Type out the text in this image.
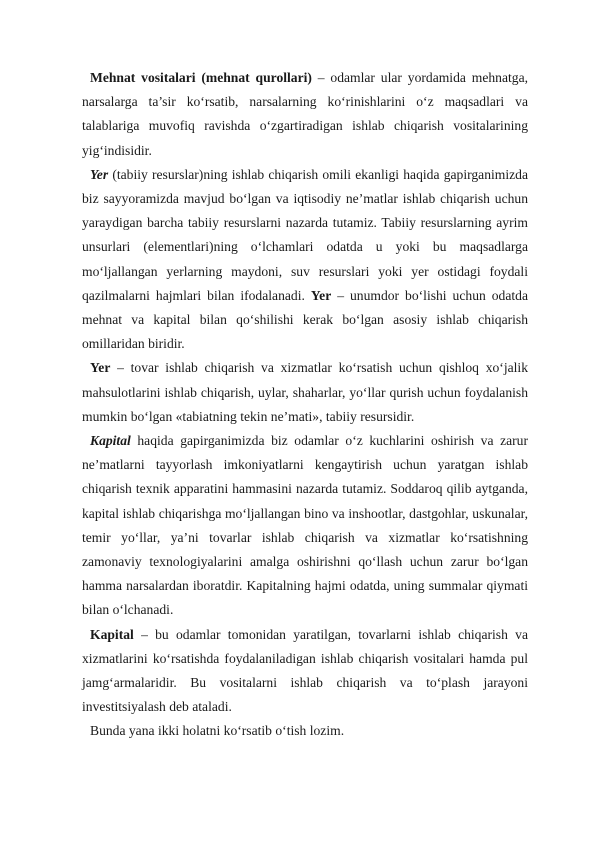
Mehnat vositalari (mehnat qurollari) – odamlar ular yordamida mehnatga, narsalarga ta’sir ko‘rsatib, narsalarning ko‘rinishlarini o‘z maqsadlari va talablariga muvofiq ravishda o‘zgartiradigan ishlab chiqarish vositalarining yig‘indisidir.

Yer (tabiiy resurslar)ning ishlab chiqarish omili ekanligi haqida gapirganimizda biz sayyoramizda mavjud bo‘lgan va iqtisodiy ne’matlar ishlab chiqarish uchun yaraydigan barcha tabiiy resurslarni nazarda tutamiz. Tabiiy resurslarning ayrim unsurlari (elementlari)ning o‘lchamlari odatda u yoki bu maqsadlarga mo‘ljallangan yerlarning maydoni, suv resurslari yoki yer ostidagi foydali qazilmalarni hajmlari bilan ifodalanadi. Yer – unumdor bo‘lishi uchun odatda mehnat va kapital bilan qo‘shilishi kerak bo‘lgan asosiy ishlab chiqarish omillaridan biridir.

Yer – tovar ishlab chiqarish va xizmatlar ko‘rsatish uchun qishloq xo‘jalik mahsulotlarini ishlab chiqarish, uylar, shaharlar, yo‘llar qurish uchun foydalanish mumkin bo‘lgan «tabiatning tekin ne’mati», tabiiy resursidir.

Kapital haqida gapirganimizda biz odamlar o‘z kuchlarini oshirish va zarur ne’matlarni tayyorlash imkoniyatlarni kengaytirish uchun yaratgan ishlab chiqarish texnik apparatini hammasini nazarda tutamiz. Soddaroq qilib aytganda, kapital ishlab chiqarishga mo‘ljallangan bino va inshootlar, dastgohlar, uskunalar, temir yo‘llar, ya’ni tovarlar ishlab chiqarish va xizmatlar ko‘rsatishning zamonaviy texnologiyalarini amalga oshirishni qo‘llash uchun zarur bo‘lgan hamma narsalardan iboratdir. Kapitalning hajmi odatda, uning summalar qiymati bilan o‘lchanadi.

Kapital – bu odamlar tomonidan yaratilgan, tovarlarni ishlab chiqarish va xizmatlarini ko‘rsatishda foydalaniladigan ishlab chiqarish vositalari hamda pul jamg‘armalaridir. Bu vositalarni ishlab chiqarish va to‘plash jarayoni investitsiyalash deb ataladi.

Bunda yana ikki holatni ko‘rsatib o‘tish lozim.
